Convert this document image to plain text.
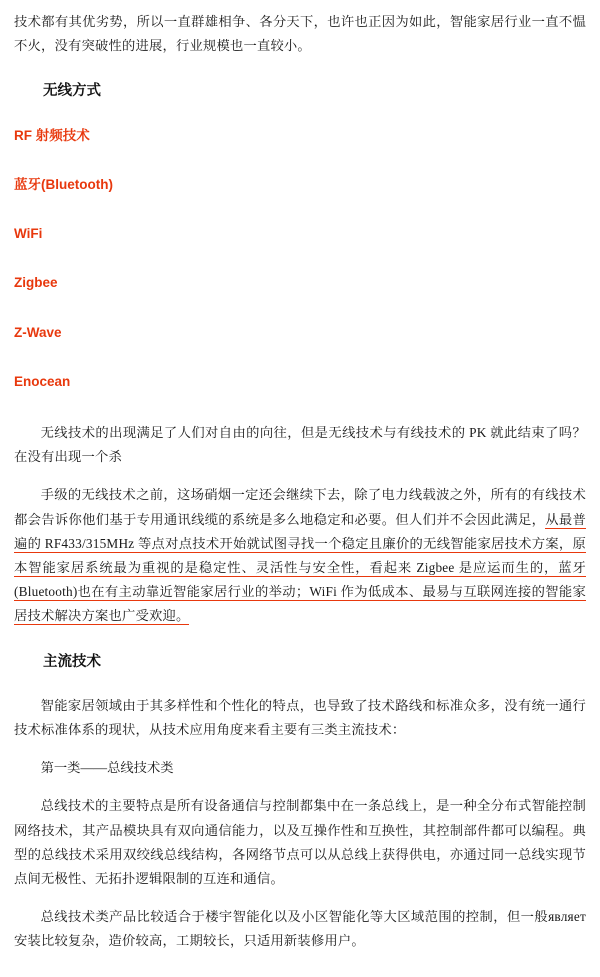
技术都有其优劣势，所以一直群雄相争、各分天下，也许也正因为如此，智能家居行业一直不愠不火，没有突破性的进展，行业规模也一直较小。

无线方式
RF 射频技术
蓝牙(Bluetooth)
WiFi
Zigbee
Z-Wave
Enocean

无线技术的出现满足了人们对自由的向往，但是无线技术与有线技术的 PK 就此结束了吗？在没有出现一个杀

手级的无线技术之前，这场硝烟一定还会继续下去，除了电力线载波之外，所有的有线技术都会告诉你他们基于专用通讯线缆的系统是多么地稳定和必要。但人们并不会因此满足，从最普遍的 RF433/315MHz 等点对点技术开始就试图寻找一个稳定且廉价的无线智能家居技术方案，原本智能家居系统最为重视的是稳定性、灵活性与安全性，看起来 Zigbee 是应运而生的，蓝牙(Bluetooth)也在有主动靠近智能家居行业的举动；WiFi 作为低成本、最易与互联网连接的智能家居技术解决方案也广受欢迎。

主流技术

智能家居领域由于其多样性和个性化的特点，也导致了技术路线和标准众多，没有统一通行技术标准体系的现状，从技术应用角度来看主要有三类主流技术：

第一类——总线技术类

总线技术的主要特点是所有设备通信与控制都集中在一条总线上，是一种全分布式智能控制网络技术，其产品模块具有双向通信能力，以及互操作性和互换性，其控制部件都可以编程。典型的总线技术采用双绞线总线结构，各网络节点可以从总线上获得供电，亦通过同一总线实现节点间无极性、无拓扑逻辑限制的互连和通信。

总线技术类产品比较适合于楼宇智能化以及小区智能化等大区域范围的控制，但一般являет安装比较复杂，造价较高，工期较长，只适用新装修用户。
